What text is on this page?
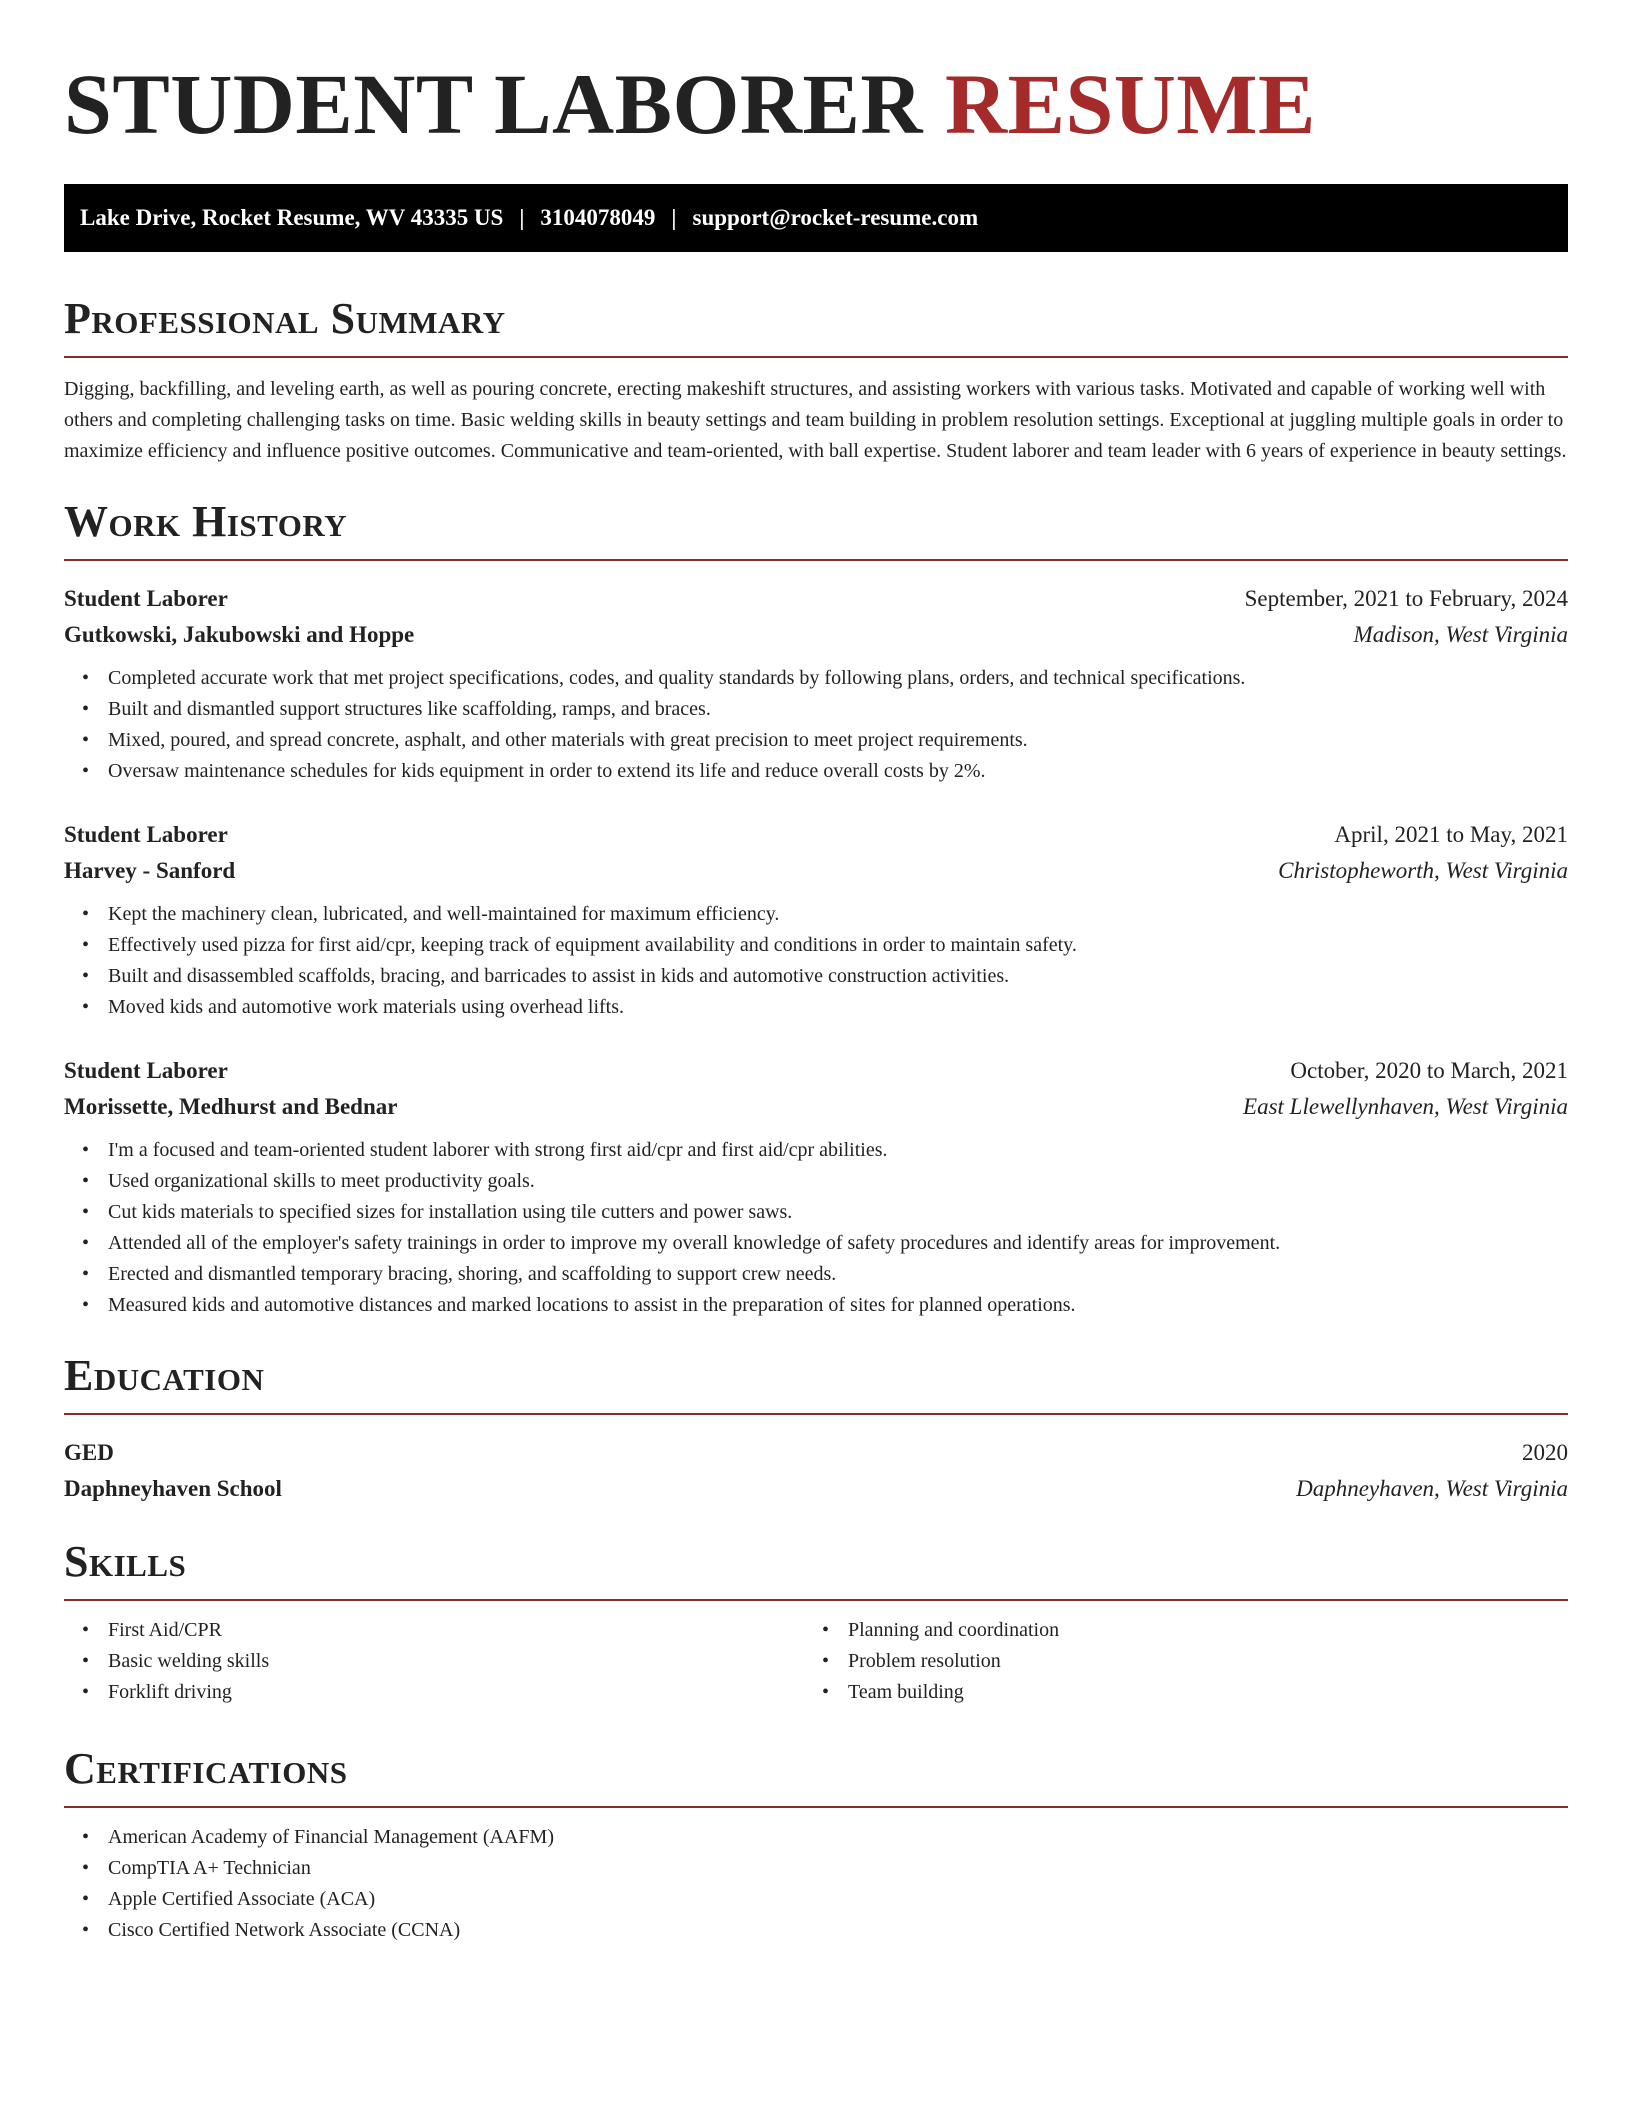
STUDENT LABORER RESUME
Lake Drive, Rocket Resume, WV 43335 US | 3104078049 | support@rocket-resume.com
Professional Summary

Digging, backfilling, and leveling earth, as well as pouring concrete, erecting makeshift structures, and assisting workers with various tasks. Motivated and capable of working well with others and completing challenging tasks on time. Basic welding skills in beauty settings and team building in problem resolution settings. Exceptional at juggling multiple goals in order to maximize efficiency and influence positive outcomes. Communicative and team-oriented, with ball expertise. Student laborer and team leader with 6 years of experience in beauty settings.

Work History
Student Laborer	September, 2021 to February, 2024
Gutkowski, Jakubowski and Hoppe	Madison, West Virginia
• Completed accurate work that met project specifications, codes, and quality standards by following plans, orders, and technical specifications.
• Built and dismantled support structures like scaffolding, ramps, and braces.
• Mixed, poured, and spread concrete, asphalt, and other materials with great precision to meet project requirements.
• Oversaw maintenance schedules for kids equipment in order to extend its life and reduce overall costs by 2%.
Student Laborer	April, 2021 to May, 2021
Harvey - Sanford	Christopheworth, West Virginia
• Kept the machinery clean, lubricated, and well-maintained for maximum efficiency.
• Effectively used pizza for first aid/cpr, keeping track of equipment availability and conditions in order to maintain safety.
• Built and disassembled scaffolds, bracing, and barricades to assist in kids and automotive construction activities.
• Moved kids and automotive work materials using overhead lifts.
Student Laborer	October, 2020 to March, 2021
Morissette, Medhurst and Bednar	East Llewellynhaven, West Virginia
• I'm a focused and team-oriented student laborer with strong first aid/cpr and first aid/cpr abilities.
• Used organizational skills to meet productivity goals.
• Cut kids materials to specified sizes for installation using tile cutters and power saws.
• Attended all of the employer's safety trainings in order to improve my overall knowledge of safety procedures and identify areas for improvement.
• Erected and dismantled temporary bracing, shoring, and scaffolding to support crew needs.
• Measured kids and automotive distances and marked locations to assist in the preparation of sites for planned operations.
Education
GED	2020
Daphneyhaven School	Daphneyhaven, West Virginia
Skills
• First Aid/CPR
• Basic welding skills
• Forklift driving
• Planning and coordination
• Problem resolution
• Team building
Certifications
• American Academy of Financial Management (AAFM)
• CompTIA A+ Technician
• Apple Certified Associate (ACA)
• Cisco Certified Network Associate (CCNA)
